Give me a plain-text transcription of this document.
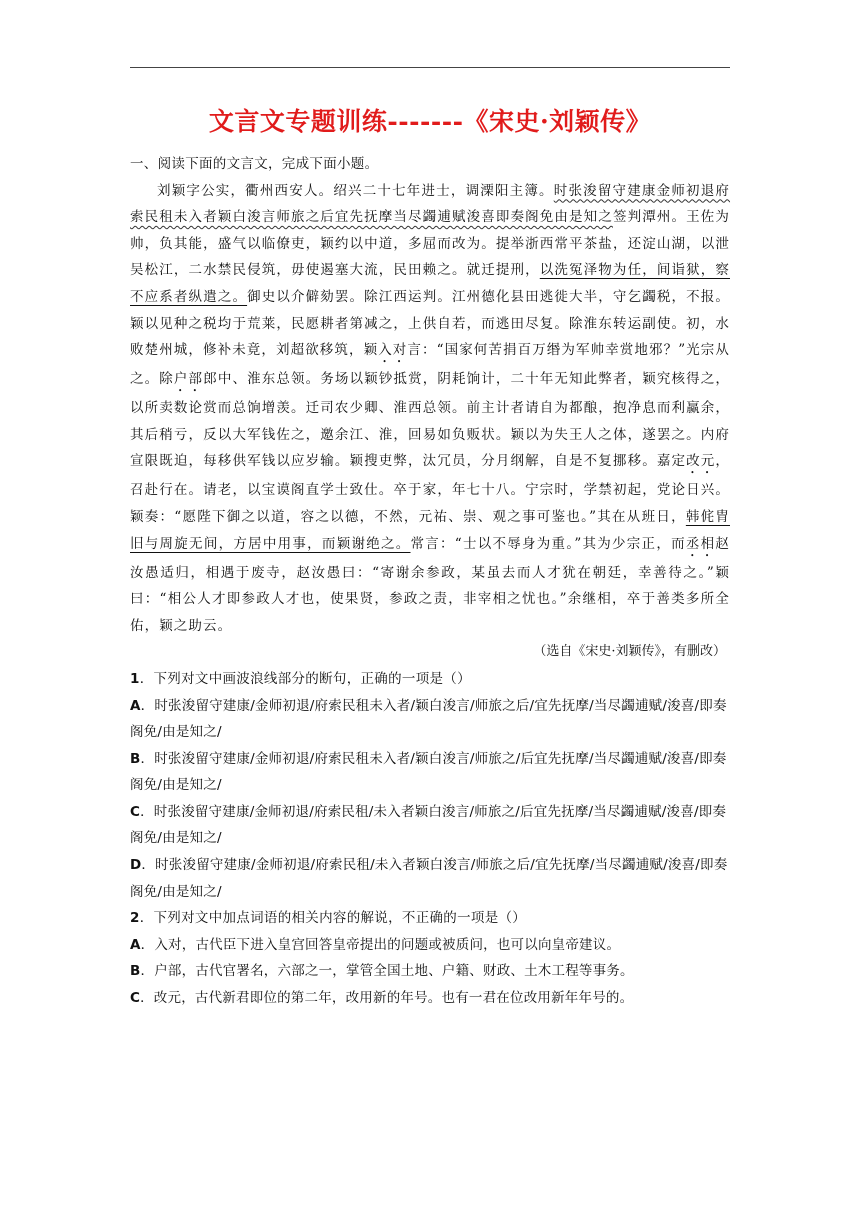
文言文专题训练-------《宋史·刘颖传》

一、阅读下面的文言文，完成下面小题。

刘颖字公实，衢州西安人。绍兴二十七年进士，调溧阳主簿。时张浚留守建康金师初退府索民租未入者颖白浚言师旅之后宜先抚摩当尽蠲逋赋浚喜即奏阁免由是知之签判潭州。王佐为帅，负其能，盛气以临僚吏，颖约以中道，多屈而改为。提举浙西常平茶盐，还淀山湖，以泄吴松江，二水禁民侵筑，毋使遏塞大流，民田赖之。就迁提刑，以洗冤泽物为任，间诣狱，察不应系者纵遣之。御史以介僻劾罢。除江西运判。江州德化县田逃徙大半，守乞蠲税，不报。颖以见种之税均于荒莱，民愿耕者第减之，上供自若，而逃田尽复。除淮东转运副使。初，水败楚州城，修补未竟，刘超欲移筑，颖入对言：“国家何苦捐百万缗为军帅幸赏地邪？”光宗从之。除户部郎中、淮东总领。务场以颖钞抵赏，阴耗饷计，二十年无知此弊者，颖究核得之，以所卖数论赏而总饷增羡。迁司农少卿、淮西总领。前主计者请自为都酿，抱净息而利赢余，其后稍亏，反以大军钱佐之，邀余江、淮，回易如负贩状。颖以为失王人之体，遂罢之。内府宣限既迫，每移供军钱以应岁输。颖搜吏弊，汰冗员，分月纲解，自是不复挪移。嘉定改元，召赴行在。请老，以宝谟阁直学士致仕。卒于家，年七十八。宁宗时，学禁初起，党论日兴。颖奏：“愿陛下御之以道，容之以德，不然，元祐、崇、观之事可鉴也。”其在从班日，韩侂胄旧与周旋无间，方居中用事，而颖谢绝之。常言：“士以不辱身为重。”其为少宗正，而丞相赵汝愚适归，相遇于废寺，赵汝愚曰：“寄谢余参政，某虽去而人才犹在朝廷，幸善待之。”颖曰：“相公人才即参政人才也，使果贤，参政之责，非宰相之忧也。”余继相，卒于善类多所全佑，颖之助云。

（选自《宋史·刘颖传》，有删改）

1．下列对文中画波浪线部分的断句，正确的一项是（）

A．时张浚留守建康/金师初退/府索民租未入者/颖白浚言/师旅之后/宜先抚摩/当尽蠲逋赋/浚喜/即奏阁免/由是知之/

B．时张浚留守建康/金师初退/府索民租未入者/颖白浚言/师旅之/后宜先抚摩/当尽蠲逋赋/浚喜/即奏阁免/由是知之/

C．时张浚留守建康/金师初退/府索民租/未入者颖白浚言/师旅之/后宜先抚摩/当尽蠲逋赋/浚喜/即奏阁免/由是知之/

D．时张浚留守建康/金师初退/府索民租/未入者颖白浚言/师旅之后/宜先抚摩/当尽蠲逋赋/浚喜/即奏阁免/由是知之/

2．下列对文中加点词语的相关内容的解说，不正确的一项是（）

A．入对，古代臣下进入皇宫回答皇帝提出的问题或被质问，也可以向皇帝建议。

B．户部，古代官署名，六部之一，掌管全国土地、户籍、财政、土木工程等事务。

C．改元，古代新君即位的第二年，改用新的年号。也有一君在位改用新年年号的。
